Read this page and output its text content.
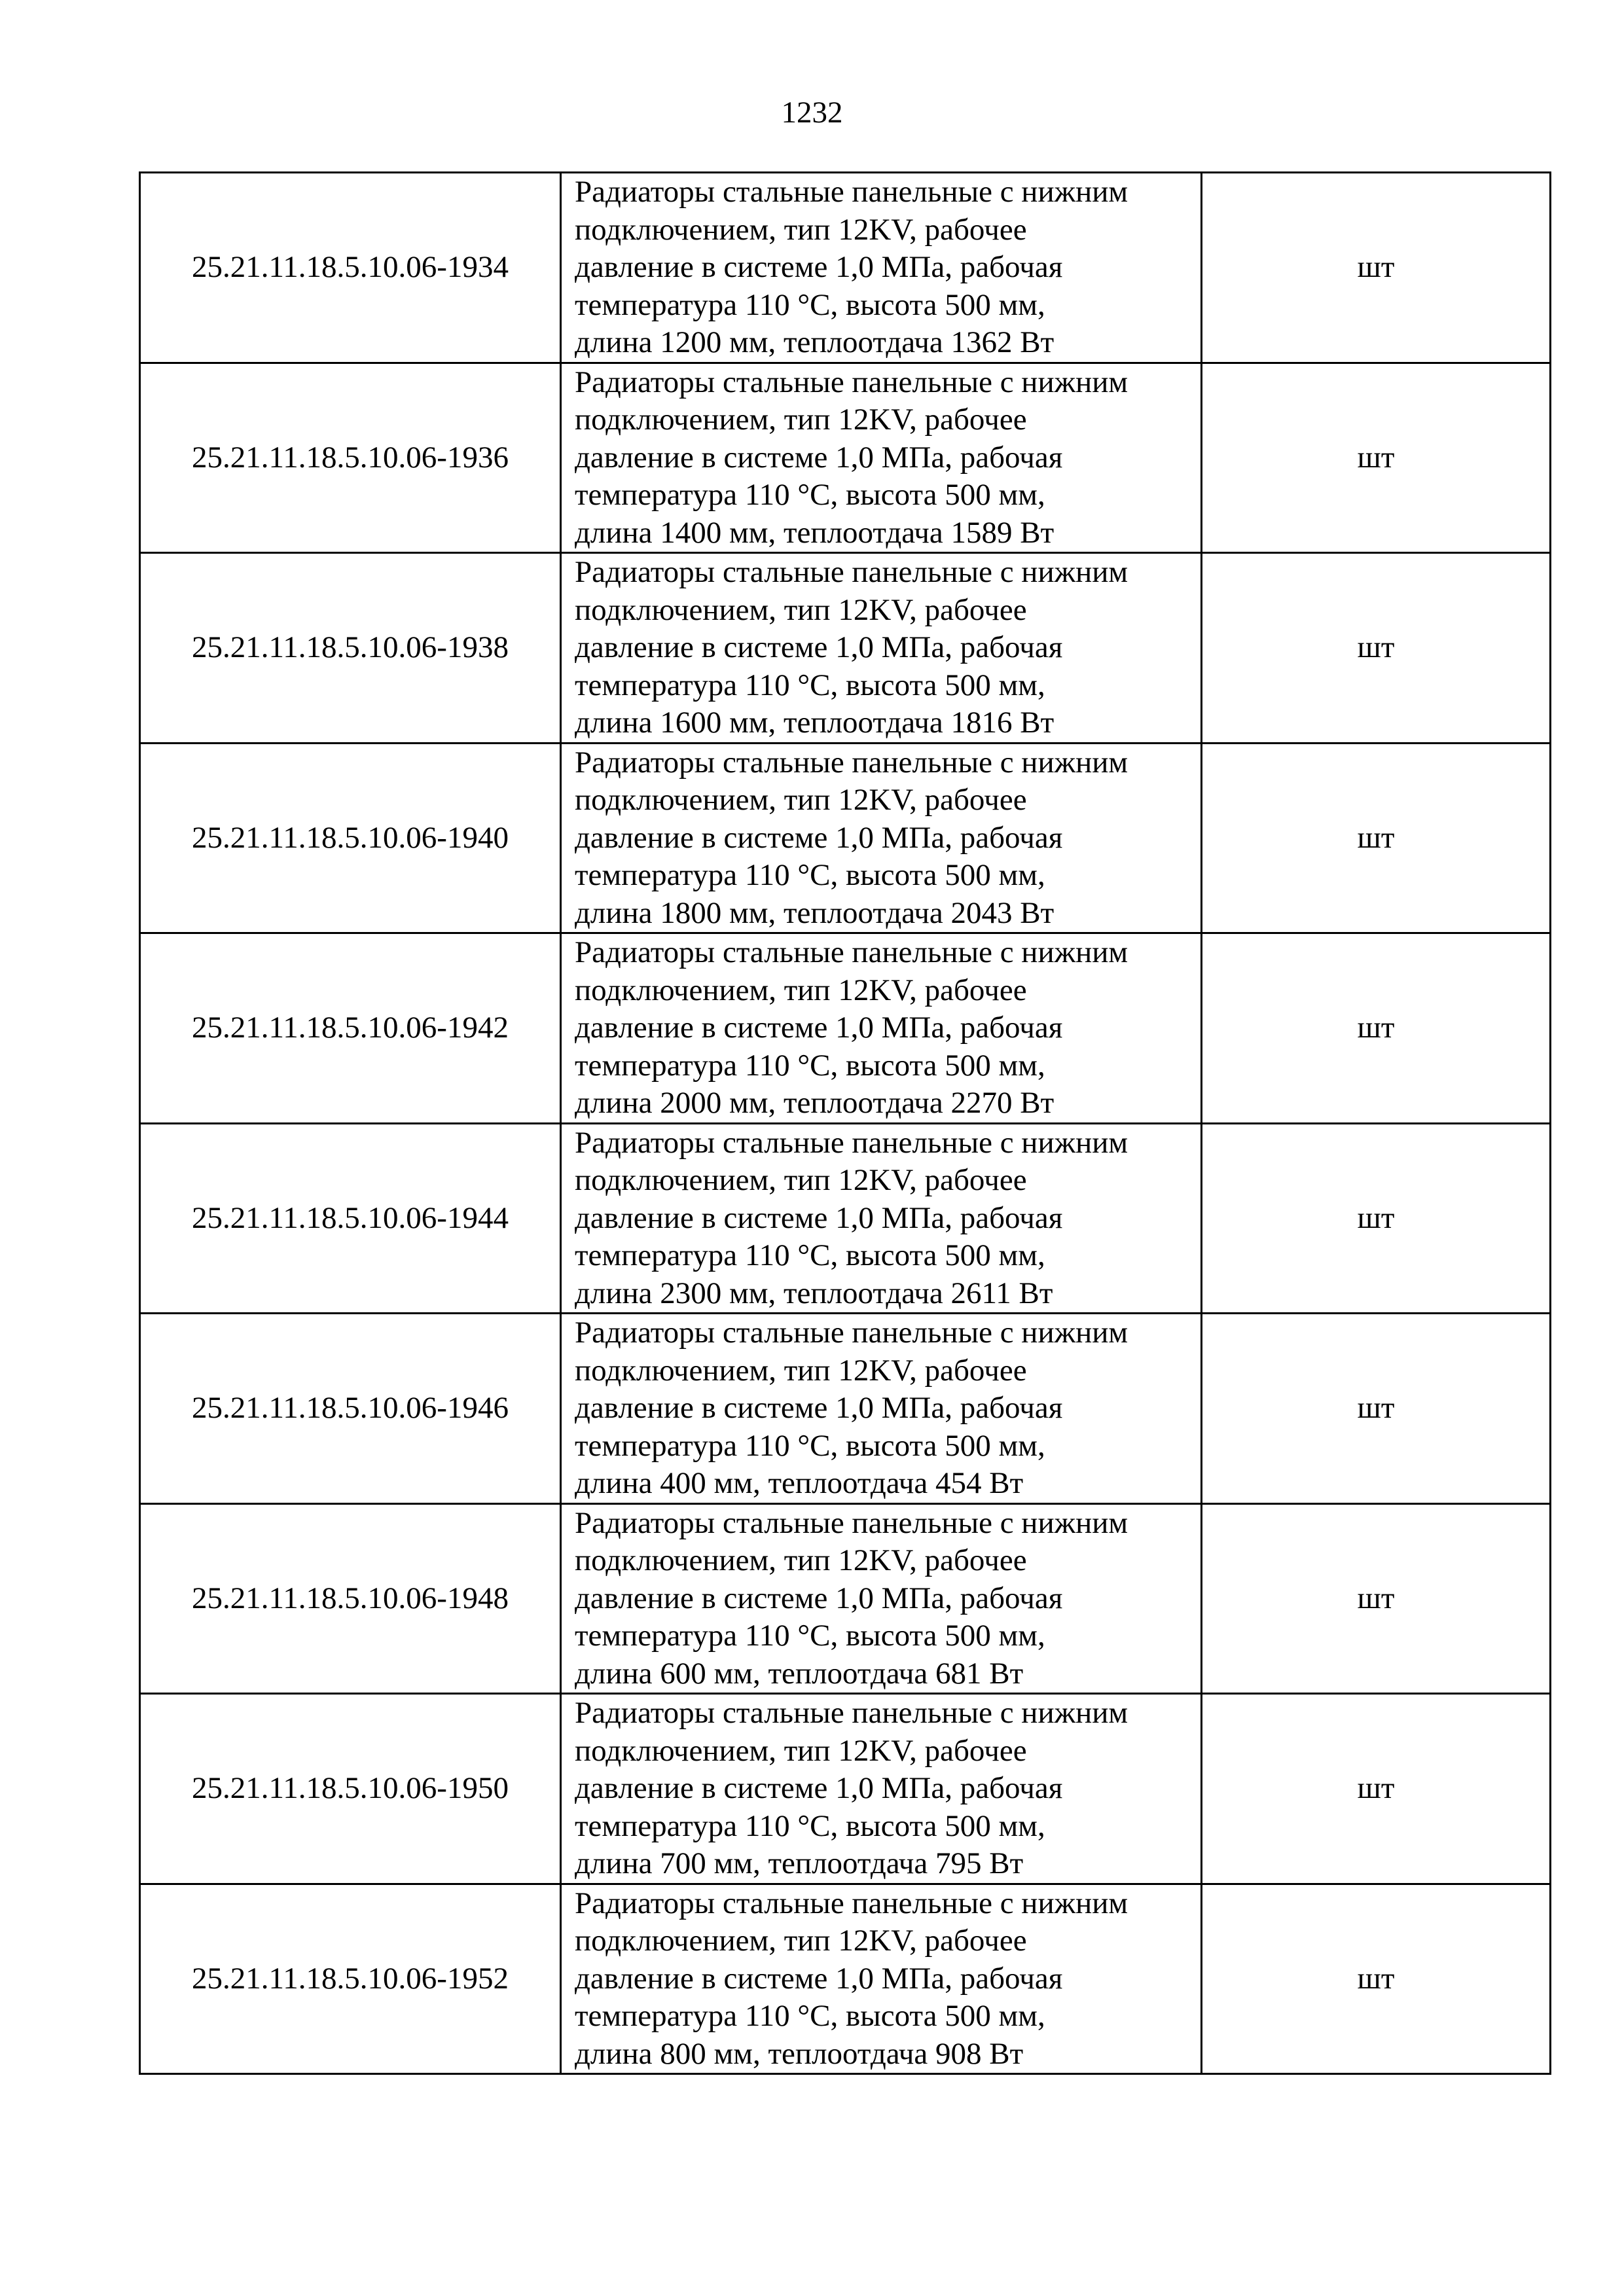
1232
25.21.11.18.5.10.06-1934	Радиаторы стальные панельные с нижним
подключением, тип 12KV, рабочее
давление в системе 1,0 МПа, рабочая
температура 110 °С, высота 500 мм,
длина 1200 мм, теплоотдача 1362 Вт	шт
25.21.11.18.5.10.06-1936	Радиаторы стальные панельные с нижним
подключением, тип 12KV, рабочее
давление в системе 1,0 МПа, рабочая
температура 110 °С, высота 500 мм,
длина 1400 мм, теплоотдача 1589 Вт	шт
25.21.11.18.5.10.06-1938	Радиаторы стальные панельные с нижним
подключением, тип 12KV, рабочее
давление в системе 1,0 МПа, рабочая
температура 110 °С, высота 500 мм,
длина 1600 мм, теплоотдача 1816 Вт	шт
25.21.11.18.5.10.06-1940	Радиаторы стальные панельные с нижним
подключением, тип 12KV, рабочее
давление в системе 1,0 МПа, рабочая
температура 110 °С, высота 500 мм,
длина 1800 мм, теплоотдача 2043 Вт	шт
25.21.11.18.5.10.06-1942	Радиаторы стальные панельные с нижним
подключением, тип 12KV, рабочее
давление в системе 1,0 МПа, рабочая
температура 110 °С, высота 500 мм,
длина 2000 мм, теплоотдача 2270 Вт	шт
25.21.11.18.5.10.06-1944	Радиаторы стальные панельные с нижним
подключением, тип 12KV, рабочее
давление в системе 1,0 МПа, рабочая
температура 110 °С, высота 500 мм,
длина 2300 мм, теплоотдача 2611 Вт	шт
25.21.11.18.5.10.06-1946	Радиаторы стальные панельные с нижним
подключением, тип 12KV, рабочее
давление в системе 1,0 МПа, рабочая
температура 110 °С, высота 500 мм,
длина 400 мм, теплоотдача 454 Вт	шт
25.21.11.18.5.10.06-1948	Радиаторы стальные панельные с нижним
подключением, тип 12KV, рабочее
давление в системе 1,0 МПа, рабочая
температура 110 °С, высота 500 мм,
длина 600 мм, теплоотдача 681 Вт	шт
25.21.11.18.5.10.06-1950	Радиаторы стальные панельные с нижним
подключением, тип 12KV, рабочее
давление в системе 1,0 МПа, рабочая
температура 110 °С, высота 500 мм,
длина 700 мм, теплоотдача 795 Вт	шт
25.21.11.18.5.10.06-1952	Радиаторы стальные панельные с нижним
подключением, тип 12KV, рабочее
давление в системе 1,0 МПа, рабочая
температура 110 °С, высота 500 мм,
длина 800 мм, теплоотдача 908 Вт	шт
